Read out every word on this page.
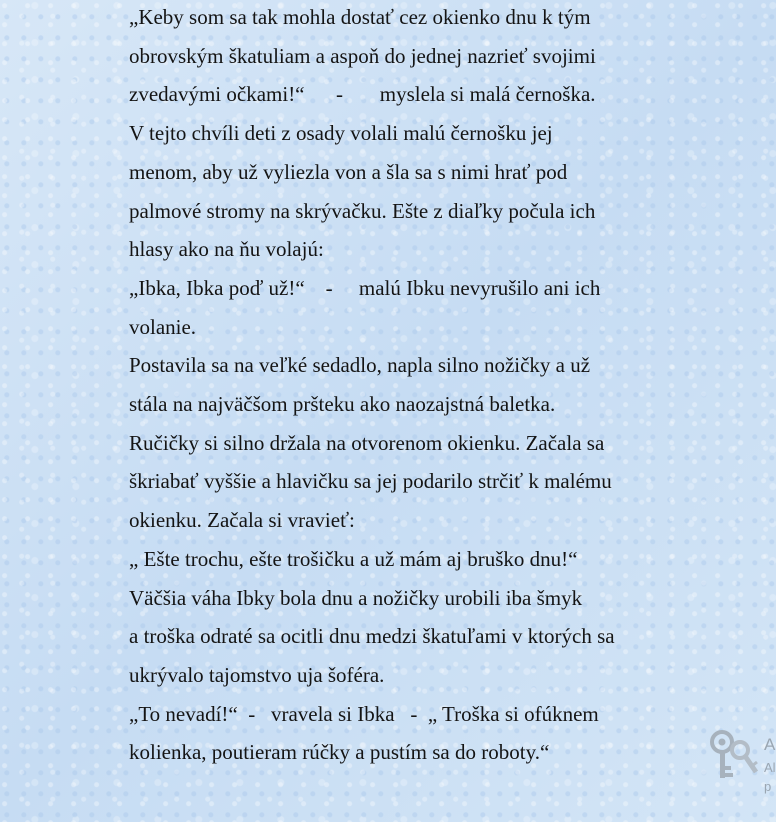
„Keby som sa tak mohla dostať cez okienko dnu k tým
obrovským škatuliam a aspoň do jednej nazrieť svojimi
zvedavými očkami!“      -       myslela si malá černoška.
V tejto chvíli deti z osady volali malú černošku jej
menom, aby už vyliezla von a šla sa s nimi hrať pod
palmové stromy na skrývačku. Ešte z diaľky počula ich
hlasy ako na ňu volajú:
„Ibka, Ibka poď už!“    -     malú Ibku nevyrušilo ani ich
volanie.
Postavila sa na veľké sedadlo, napla silno nožičky a už
stála na najväčšom pršteku ako naozajstná baletka.
Ručičky si silno držala na otvorenom okienku. Začala sa
škriabať vyššie a hlavičku sa jej podarilo strčiť k malému
okienku. Začala si vravieť:
„ Ešte trochu, ešte trošičku a už mám aj bruško dnu!“
Väčšia váha Ibky bola dnu a nožičky urobili iba šmyk
a troška odraté sa ocitli dnu medzi škatuľami v ktorých sa
ukrývalo tajomstvo uja šoféra.
„To nevadí!“  -   vravela si Ibka   -  „ Troška si ofúknem
kolienka, poutieram rúčky a pustím sa do roboty.“	A
Al
p
